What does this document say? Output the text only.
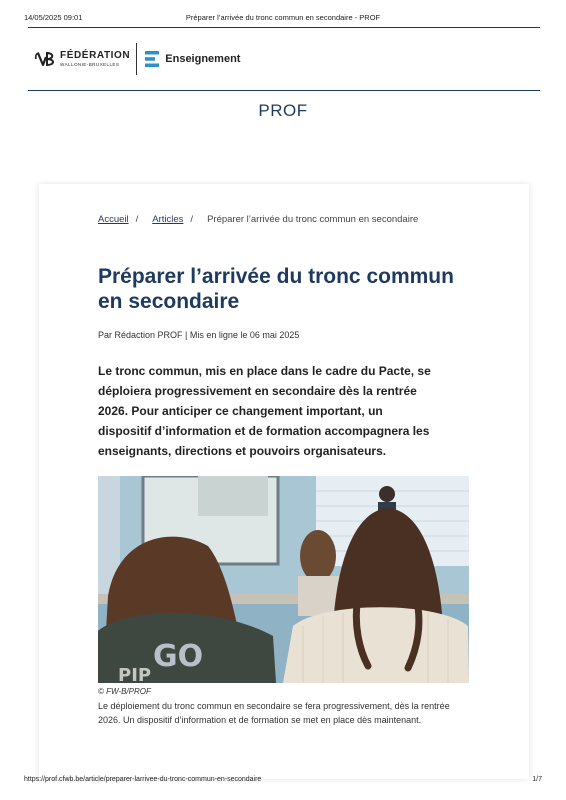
14/05/2025 09:01	Préparer l’arrivée du tronc commun en secondaire - PROF
FÉDÉRATION
WALLONIE-BRUXELLES	Enseignement
PROF
Accueil / Articles / Préparer l’arrivée du tronc commun en secondaire
Préparer l’arrivée du tronc commun en secondaire
Par Rédaction PROF | Mis en ligne le 06 mai 2025

Le tronc commun, mis en place dans le cadre du Pacte, se déploiera progressivement en secondaire dès la rentrée 2026. Pour anticiper ce changement important, un dispositif d’information et de formation accompagnera les enseignants, directions et pouvoirs organisateurs.

GO
PIP
© FW-B/PROF

Le déploiement du tronc commun en secondaire se fera progressivement, dès la rentrée 2026. Un dispositif d’information et de formation se met en place dès maintenant.

https://prof.cfwb.be/article/preparer-larrivee-du-tronc-commun-en-secondaire	1/7
